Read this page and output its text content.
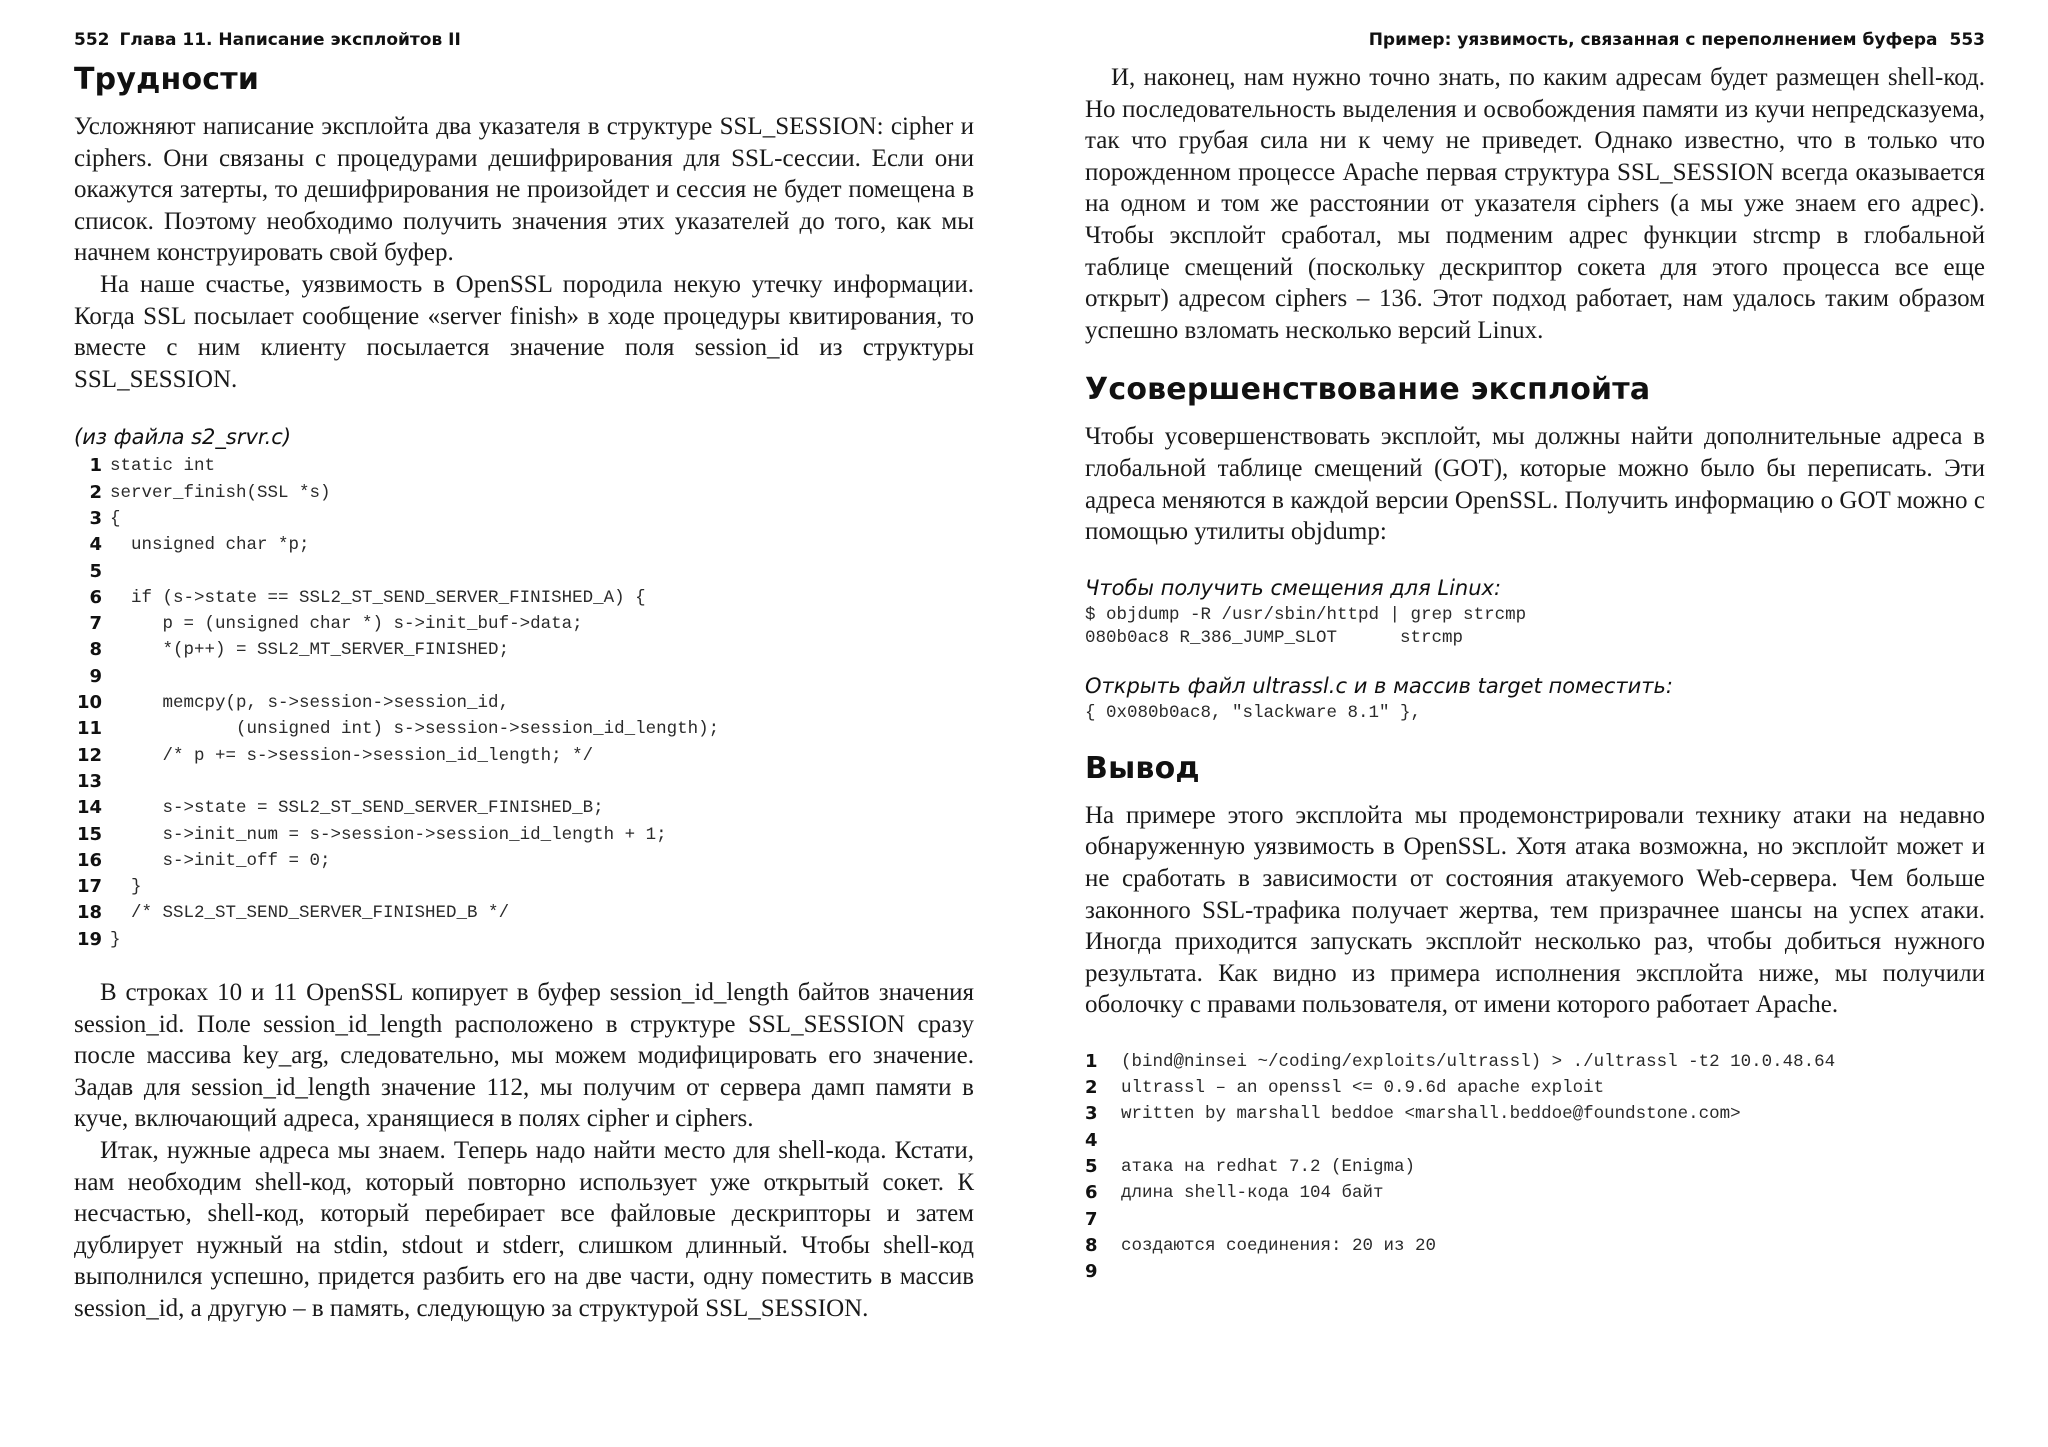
552 Глава 11. Написание эксплойтов II
Трудности

Усложняют написание эксплойта два указателя в структуре SSL_SESSION: cipher и ciphers. Они связаны с процедурами дешифрирования для SSL-сессии. Если они окажутся затерты, то дешифрирования не произойдет и сессия не будет помещена в список. Поэтому необходимо получить значения этих указателей до того, как мы начнем конструировать свой буфер.

На наше счастье, уязвимость в OpenSSL породила некую утечку информации. Когда SSL посылает сообщение «server finish» в ходе процедуры квитирования, то вместе с ним клиенту посылается значение поля session_id из структуры SSL_SESSION.

(из файла s2_srvr.c)
1 static int
2 server_finish(SSL *s)
3 {
4 unsigned char *p;
5
6 if (s->state == SSL2_ST_SEND_SERVER_FINISHED_A) {
7 p = (unsigned char *) s->init_buf->data;
8 *(p++) = SSL2_MT_SERVER_FINISHED;
9
10 memcpy(p, s->session->session_id,
11 (unsigned int) s->session->session_id_length);
12 /* p += s->session->session_id_length; */
13
14 s->state = SSL2_ST_SEND_SERVER_FINISHED_B;
15 s->init_num = s->session->session_id_length + 1;
16 s->init_off = 0;
17 }
18 /* SSL2_ST_SEND_SERVER_FINISHED_B */
19 }

В строках 10 и 11 OpenSSL копирует в буфер session_id_length байтов значения session_id. Поле session_id_length расположено в структуре SSL_SESSION сразу после массива key_arg, следовательно, мы можем модифицировать его значение. Задав для session_id_length значение 112, мы получим от сервера дамп памяти в куче, включающий адреса, хранящиеся в полях cipher и ciphers.

Итак, нужные адреса мы знаем. Теперь надо найти место для shell-кода. Кстати, нам необходим shell-код, который повторно использует уже открытый сокет. К несчастью, shell-код, который перебирает все файловые дескрипторы и затем дублирует нужный на stdin, stdout и stderr, слишком длинный. Чтобы shell-код выполнился успешно, придется разбить его на две части, одну поместить в массив session_id, а другую – в память, следующую за структурой SSL_SESSION.

Пример: уязвимость, связанная с переполнением буфера 553

И, наконец, нам нужно точно знать, по каким адресам будет размещен shell-код. Но последовательность выделения и освобождения памяти из кучи непредсказуема, так что грубая сила ни к чему не приведет. Однако известно, что в только что порожденном процессе Apache первая структура SSL_SESSION всегда оказывается на одном и том же расстоянии от указателя ciphers (а мы уже знаем его адрес). Чтобы эксплойт сработал, мы подменим адрес функции strcmp в глобальной таблице смещений (поскольку дескриптор сокета для этого процесса все еще открыт) адресом ciphers – 136. Этот подход работает, нам удалось таким образом успешно взломать несколько версий Linux.

Усовершенствование эксплойта

Чтобы усовершенствовать эксплойт, мы должны найти дополнительные адреса в глобальной таблице смещений (GOT), которые можно было бы переписать. Эти адреса меняются в каждой версии OpenSSL. Получить информацию о GOT можно с помощью утилиты objdump:

Чтобы получить смещения для Linux:
$ objdump -R /usr/sbin/httpd | grep strcmp
080b0ac8 R_386_JUMP_SLOT      strcmp
Открыть файл ultrassl.c и в массив target поместить:
{ 0x080b0ac8, "slackware 8.1" },
Вывод

На примере этого эксплойта мы продемонстрировали технику атаки на недавно обнаруженную уязвимость в OpenSSL. Хотя атака возможна, но эксплойт может и не сработать в зависимости от состояния атакуемого Web-сервера. Чем больше законного SSL-трафика получает жертва, тем призрачнее шансы на успех атаки. Иногда приходится запускать эксплойт несколько раз, чтобы добиться нужного результата. Как видно из примера исполнения эксплойта ниже, мы получили оболочку с правами пользователя, от имени которого работает Apache.

1	(bind@ninsei ~/coding/exploits/ultrassl) > ./ultrassl -t2 10.0.48.64
2	ultrassl – an openssl <= 0.9.6d apache exploit
3	written by marshall beddoe <marshall.beddoe@foundstone.com>
4
5	атака на redhat 7.2 (Enigma)
6	длина shell-кода 104 байт
7
8	создаются соединения: 20 из 20
9
